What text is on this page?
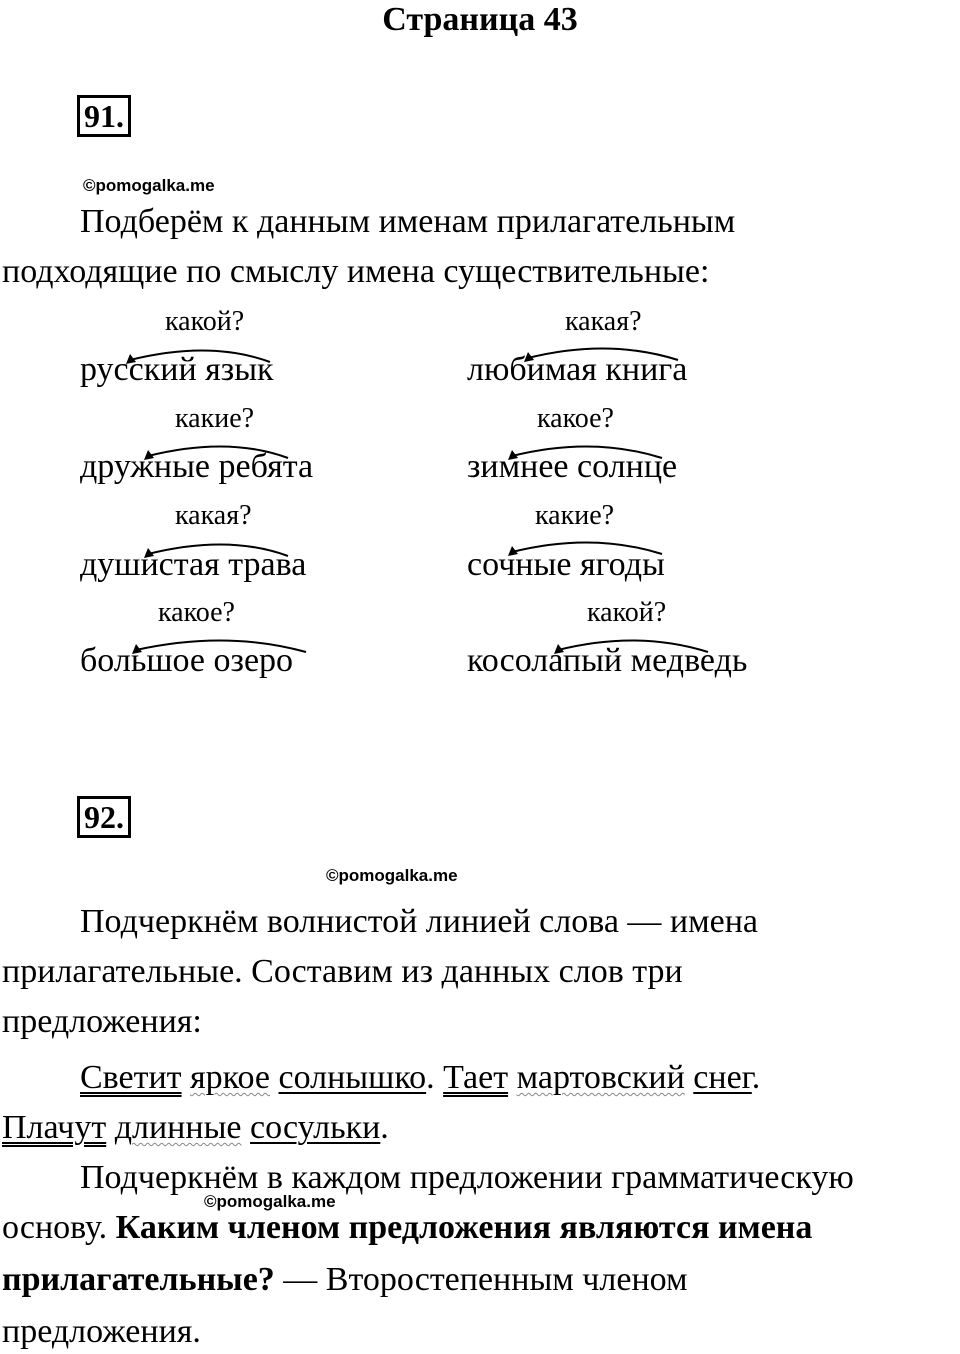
Страница 43
91.
©pomogalka.me
Подберём к данным именам прилагательным
подходящие по смыслу имена существительные:
какой?
русский язык
какие?
дружные ребята
какая?
душистая трава
какое?
большое озеро
какая?
любимая книга
какое?
зимнее солнце
какие?
сочные ягоды
какой?
косолапый медведь
92.
©pomogalka.me
Подчеркнём волнистой линией слова — имена
прилагательные. Составим из данных слов три
предложения:
Светит яркое солнышко. Тает мартовский снег.
Плачут длинные сосульки.
Подчеркнём в каждом предложении грамматическую
©pomogalka.me
основу. Каким членом предложения являются имена
прилагательные? — Второстепенным членом
предложения.
